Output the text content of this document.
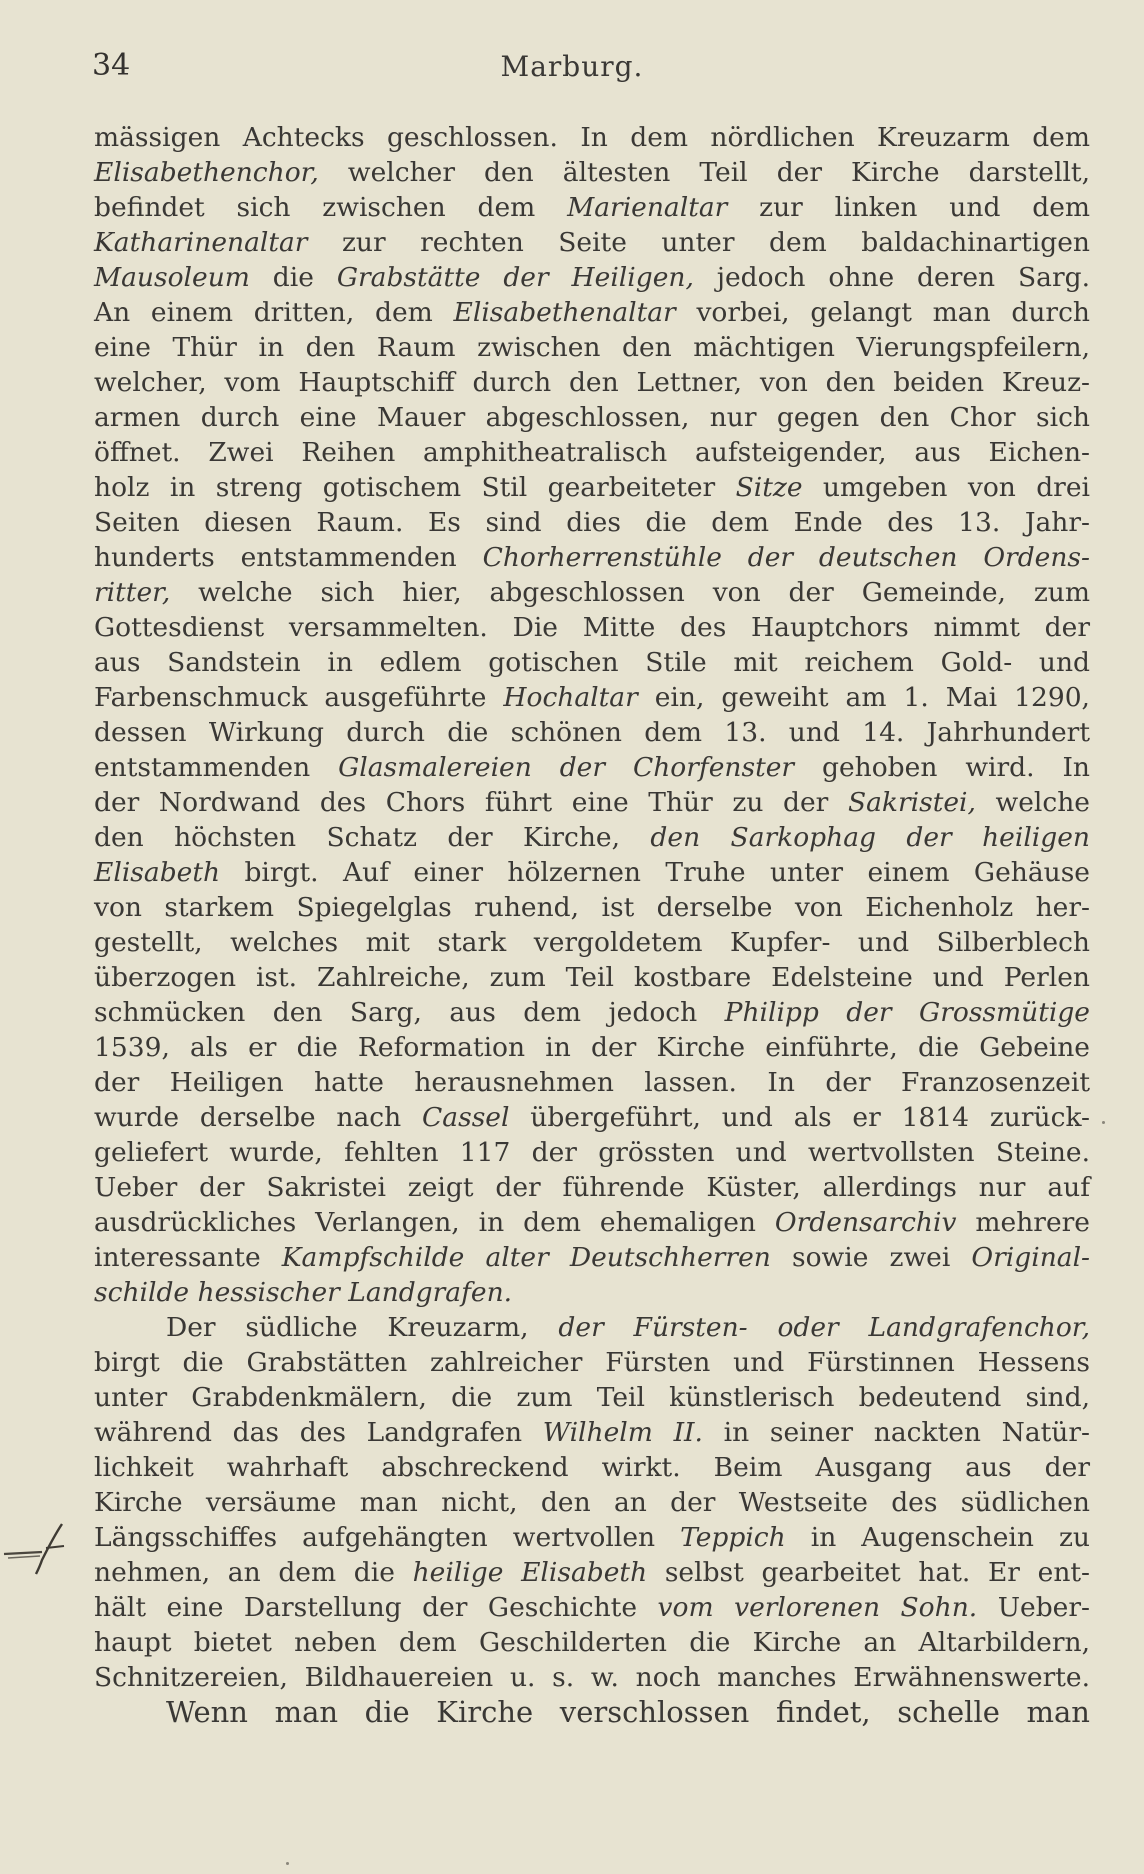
34	Marburg.
mässigen Achtecks geschlossen. In dem nördlichen Kreuzarm dem
Elisabethenchor, welcher den ältesten Teil der Kirche darstellt,
befindet sich zwischen dem Marienaltar zur linken und dem
Katharinenaltar zur rechten Seite unter dem baldachinartigen
Mausoleum die Grabstätte der Heiligen, jedoch ohne deren Sarg.
An einem dritten, dem Elisabethenaltar vorbei, gelangt man durch
eine Thür in den Raum zwischen den mächtigen Vierungspfeilern,
welcher, vom Hauptschiff durch den Lettner, von den beiden Kreuz-
armen durch eine Mauer abgeschlossen, nur gegen den Chor sich
öffnet. Zwei Reihen amphitheatralisch aufsteigender, aus Eichen-
holz in streng gotischem Stil gearbeiteter Sitze umgeben von drei
Seiten diesen Raum. Es sind dies die dem Ende des 13. Jahr-
hunderts entstammenden Chorherrenstühle der deutschen Ordens-
ritter, welche sich hier, abgeschlossen von der Gemeinde, zum
Gottesdienst versammelten. Die Mitte des Hauptchors nimmt der
aus Sandstein in edlem gotischen Stile mit reichem Gold- und
Farbenschmuck ausgeführte Hochaltar ein, geweiht am 1. Mai 1290,
dessen Wirkung durch die schönen dem 13. und 14. Jahrhundert
entstammenden Glasmalereien der Chorfenster gehoben wird. In
der Nordwand des Chors führt eine Thür zu der Sakristei, welche
den höchsten Schatz der Kirche, den Sarkophag der heiligen
Elisabeth birgt. Auf einer hölzernen Truhe unter einem Gehäuse
von starkem Spiegelglas ruhend, ist derselbe von Eichenholz her-
gestellt, welches mit stark vergoldetem Kupfer- und Silberblech
überzogen ist. Zahlreiche, zum Teil kostbare Edelsteine und Perlen
schmücken den Sarg, aus dem jedoch Philipp der Grossmütige
1539, als er die Reformation in der Kirche einführte, die Gebeine
der Heiligen hatte herausnehmen lassen. In der Franzosenzeit
wurde derselbe nach Cassel übergeführt, und als er 1814 zurück-
geliefert wurde, fehlten 117 der grössten und wertvollsten Steine.
Ueber der Sakristei zeigt der führende Küster, allerdings nur auf
ausdrückliches Verlangen, in dem ehemaligen Ordensarchiv mehrere
interessante Kampfschilde alter Deutschherren sowie zwei Original-
schilde hessischer Landgrafen.
Der südliche Kreuzarm, der Fürsten- oder Landgrafenchor,
birgt die Grabstätten zahlreicher Fürsten und Fürstinnen Hessens
unter Grabdenkmälern, die zum Teil künstlerisch bedeutend sind,
während das des Landgrafen Wilhelm II. in seiner nackten Natür-
lichkeit wahrhaft abschreckend wirkt. Beim Ausgang aus der
Kirche versäume man nicht, den an der Westseite des südlichen
Längsschiffes aufgehängten wertvollen Teppich in Augenschein zu
nehmen, an dem die heilige Elisabeth selbst gearbeitet hat. Er ent-
hält eine Darstellung der Geschichte vom verlorenen Sohn. Ueber-
haupt bietet neben dem Geschilderten die Kirche an Altarbildern,
Schnitzereien, Bildhauereien u. s. w. noch manches Erwähnenswerte.
Wenn man die Kirche verschlossen findet, schelle man
